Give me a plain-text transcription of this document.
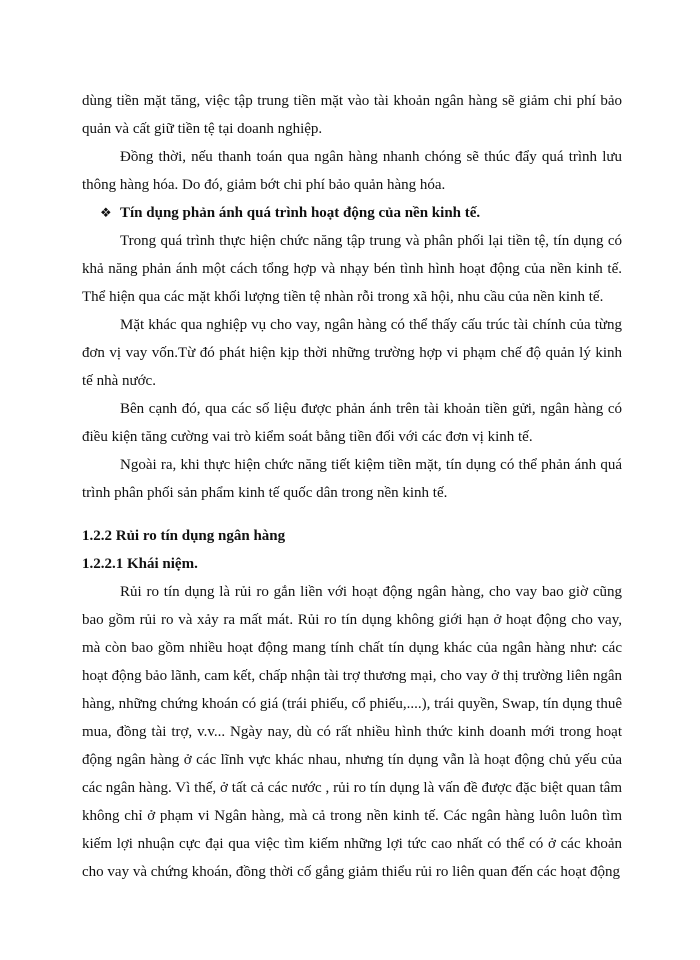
dùng tiền mặt tăng, việc tập trung tiền mặt vào tài khoản ngân hàng sẽ giảm chi phí bảo
quản và cất giữ tiền tệ tại doanh nghiệp.
Đồng thời, nếu thanh toán qua ngân hàng nhanh chóng sẽ thúc đẩy quá trình lưu
thông hàng hóa. Do đó, giảm bớt chi phí bảo quản hàng hóa.
❖ Tín dụng phản ánh quá trình hoạt động của nền kinh tế.
Trong quá trình thực hiện chức năng tập trung và phân phối lại tiền tệ, tín dụng có
khả năng phản ánh một cách tổng hợp và nhạy bén tình hình hoạt động của nền kinh tế.
Thể hiện qua các mặt khối lượng tiền tệ nhàn rỗi trong xã hội, nhu cầu của nền kinh tế.
Mặt khác qua nghiệp vụ cho vay, ngân hàng có thể thấy cấu trúc tài chính của từng
đơn vị vay vốn.Từ đó phát hiện kịp thời những trường hợp vi phạm chế độ quản lý kinh
tế nhà nước.
Bên cạnh đó, qua các số liệu được phản ánh trên tài khoản tiền gửi, ngân hàng có
điều kiện tăng cường vai trò kiểm soát bằng tiền đối với các đơn vị kinh tế.
Ngoài ra, khi thực hiện chức năng tiết kiệm tiền mặt, tín dụng có thể phản ánh quá
trình phân phối sản phẩm kinh tế quốc dân trong nền kinh tế.
1.2.2 Rủi ro tín dụng ngân hàng
1.2.2.1 Khái niệm.
Rủi ro tín dụng là rủi ro gắn liền với hoạt động ngân hàng, cho vay bao giờ cũng
bao gồm rủi ro và xảy ra mất mát. Rủi ro tín dụng không giới hạn ở hoạt động cho vay,
mà còn bao gồm nhiều hoạt động mang tính chất tín dụng khác của ngân hàng như: các
hoạt động bảo lãnh, cam kết, chấp nhận tài trợ thương mại, cho vay ở thị trường liên ngân
hàng, những chứng khoán có giá (trái phiếu, cổ phiếu,....), trái quyền, Swap, tín dụng thuê
mua, đồng tài trợ, v.v... Ngày nay, dù có rất nhiều hình thức kinh doanh mới trong hoạt
động ngân hàng ở các lĩnh vực khác nhau, nhưng tín dụng vẫn là hoạt động chủ yếu của
các ngân hàng. Vì thế, ở tất cả các nước , rủi ro tín dụng là vấn đề được đặc biệt quan tâm
không chỉ ở phạm vi Ngân hàng, mà cả trong nền kinh tế. Các ngân hàng luôn luôn tìm
kiếm lợi nhuận cực đại qua việc tìm kiếm những lợi tức cao nhất có thể có ở các khoản
cho vay và chứng khoán, đồng thời cố gắng giảm thiểu rủi ro liên quan đến các hoạt động
